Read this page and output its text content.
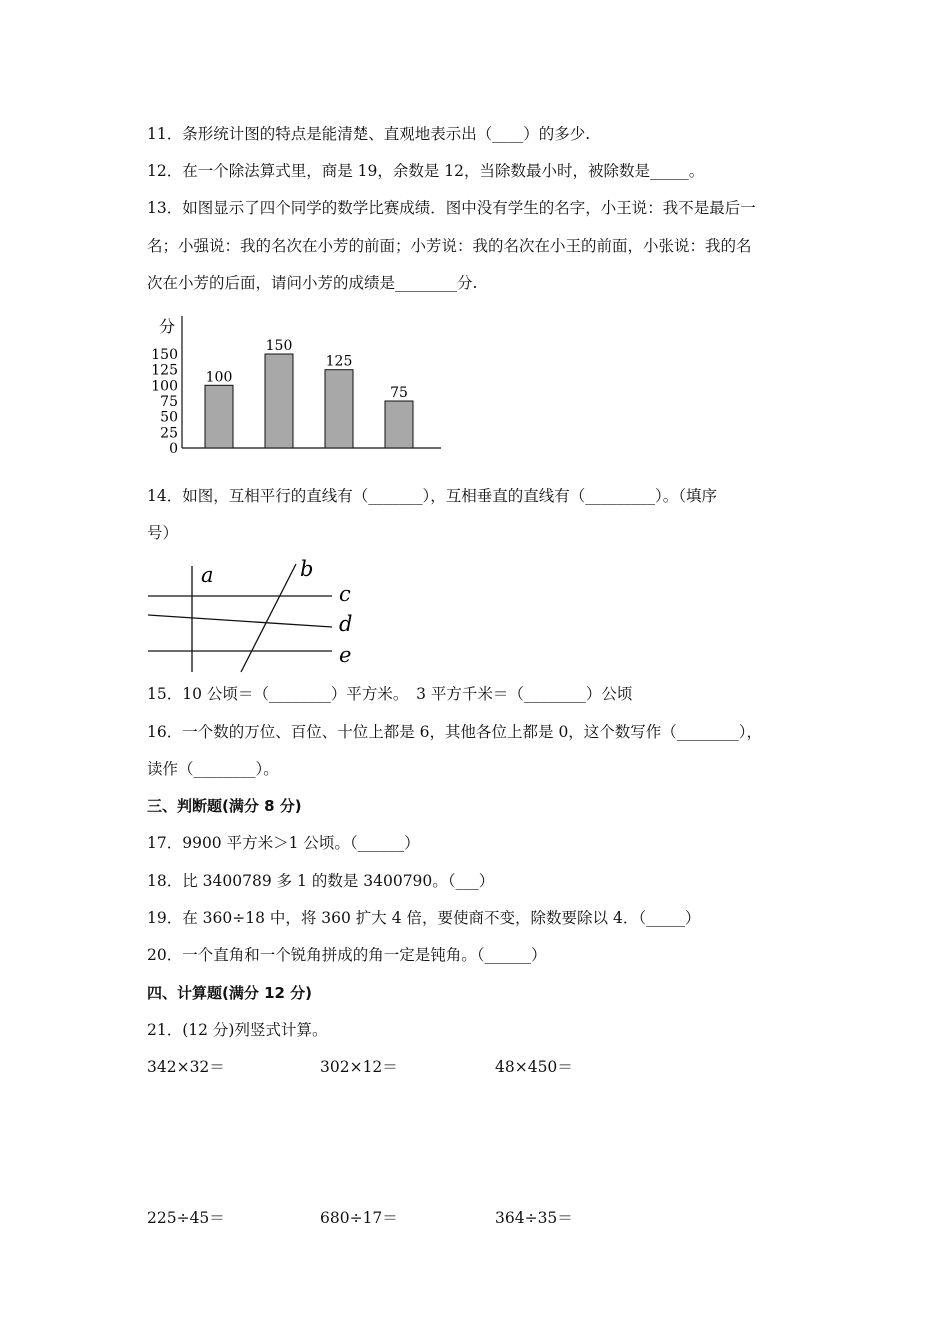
11．条形统计图的特点是能清楚、直观地表示出（____）的多少.
12．在一个除法算式里，商是 19，余数是 12，当除数最小时，被除数是_____。
13．如图显示了四个同学的数学比赛成绩．图中没有学生的名字，小王说：我不是最后一
名；小强说：我的名次在小芳的前面；小芳说：我的名次在小王的前面，小张说：我的名
次在小芳的后面，请问小芳的成绩是________分.
分
150
125
100
75
50
25
0
100
150
125
75
14．如图，互相平行的直线有（_______），互相垂直的直线有（_________）。（填序
号）
a	b
c
d
e
15．10 公顷＝（________）平方米。　3 平方千米＝（________）公顷
16．一个数的万位、百位、十位上都是 6，其他各位上都是 0，这个数写作（________），
读作（________）。
三、判断题(满分 8 分)
17．9900 平方米＞1 公顷。（______）
18．比 3400789 多 1 的数是 3400790。（___）
19．在 360÷18 中，将 360 扩大 4 倍，要使商不变，除数要除以 4．（_____）
20．一个直角和一个锐角拼成的角一定是钝角。（______）
四、计算题(满分 12 分)
21．(12 分)列竖式计算。
342×32＝	302×12＝	48×450＝
225÷45＝	680÷17＝	364÷35＝
